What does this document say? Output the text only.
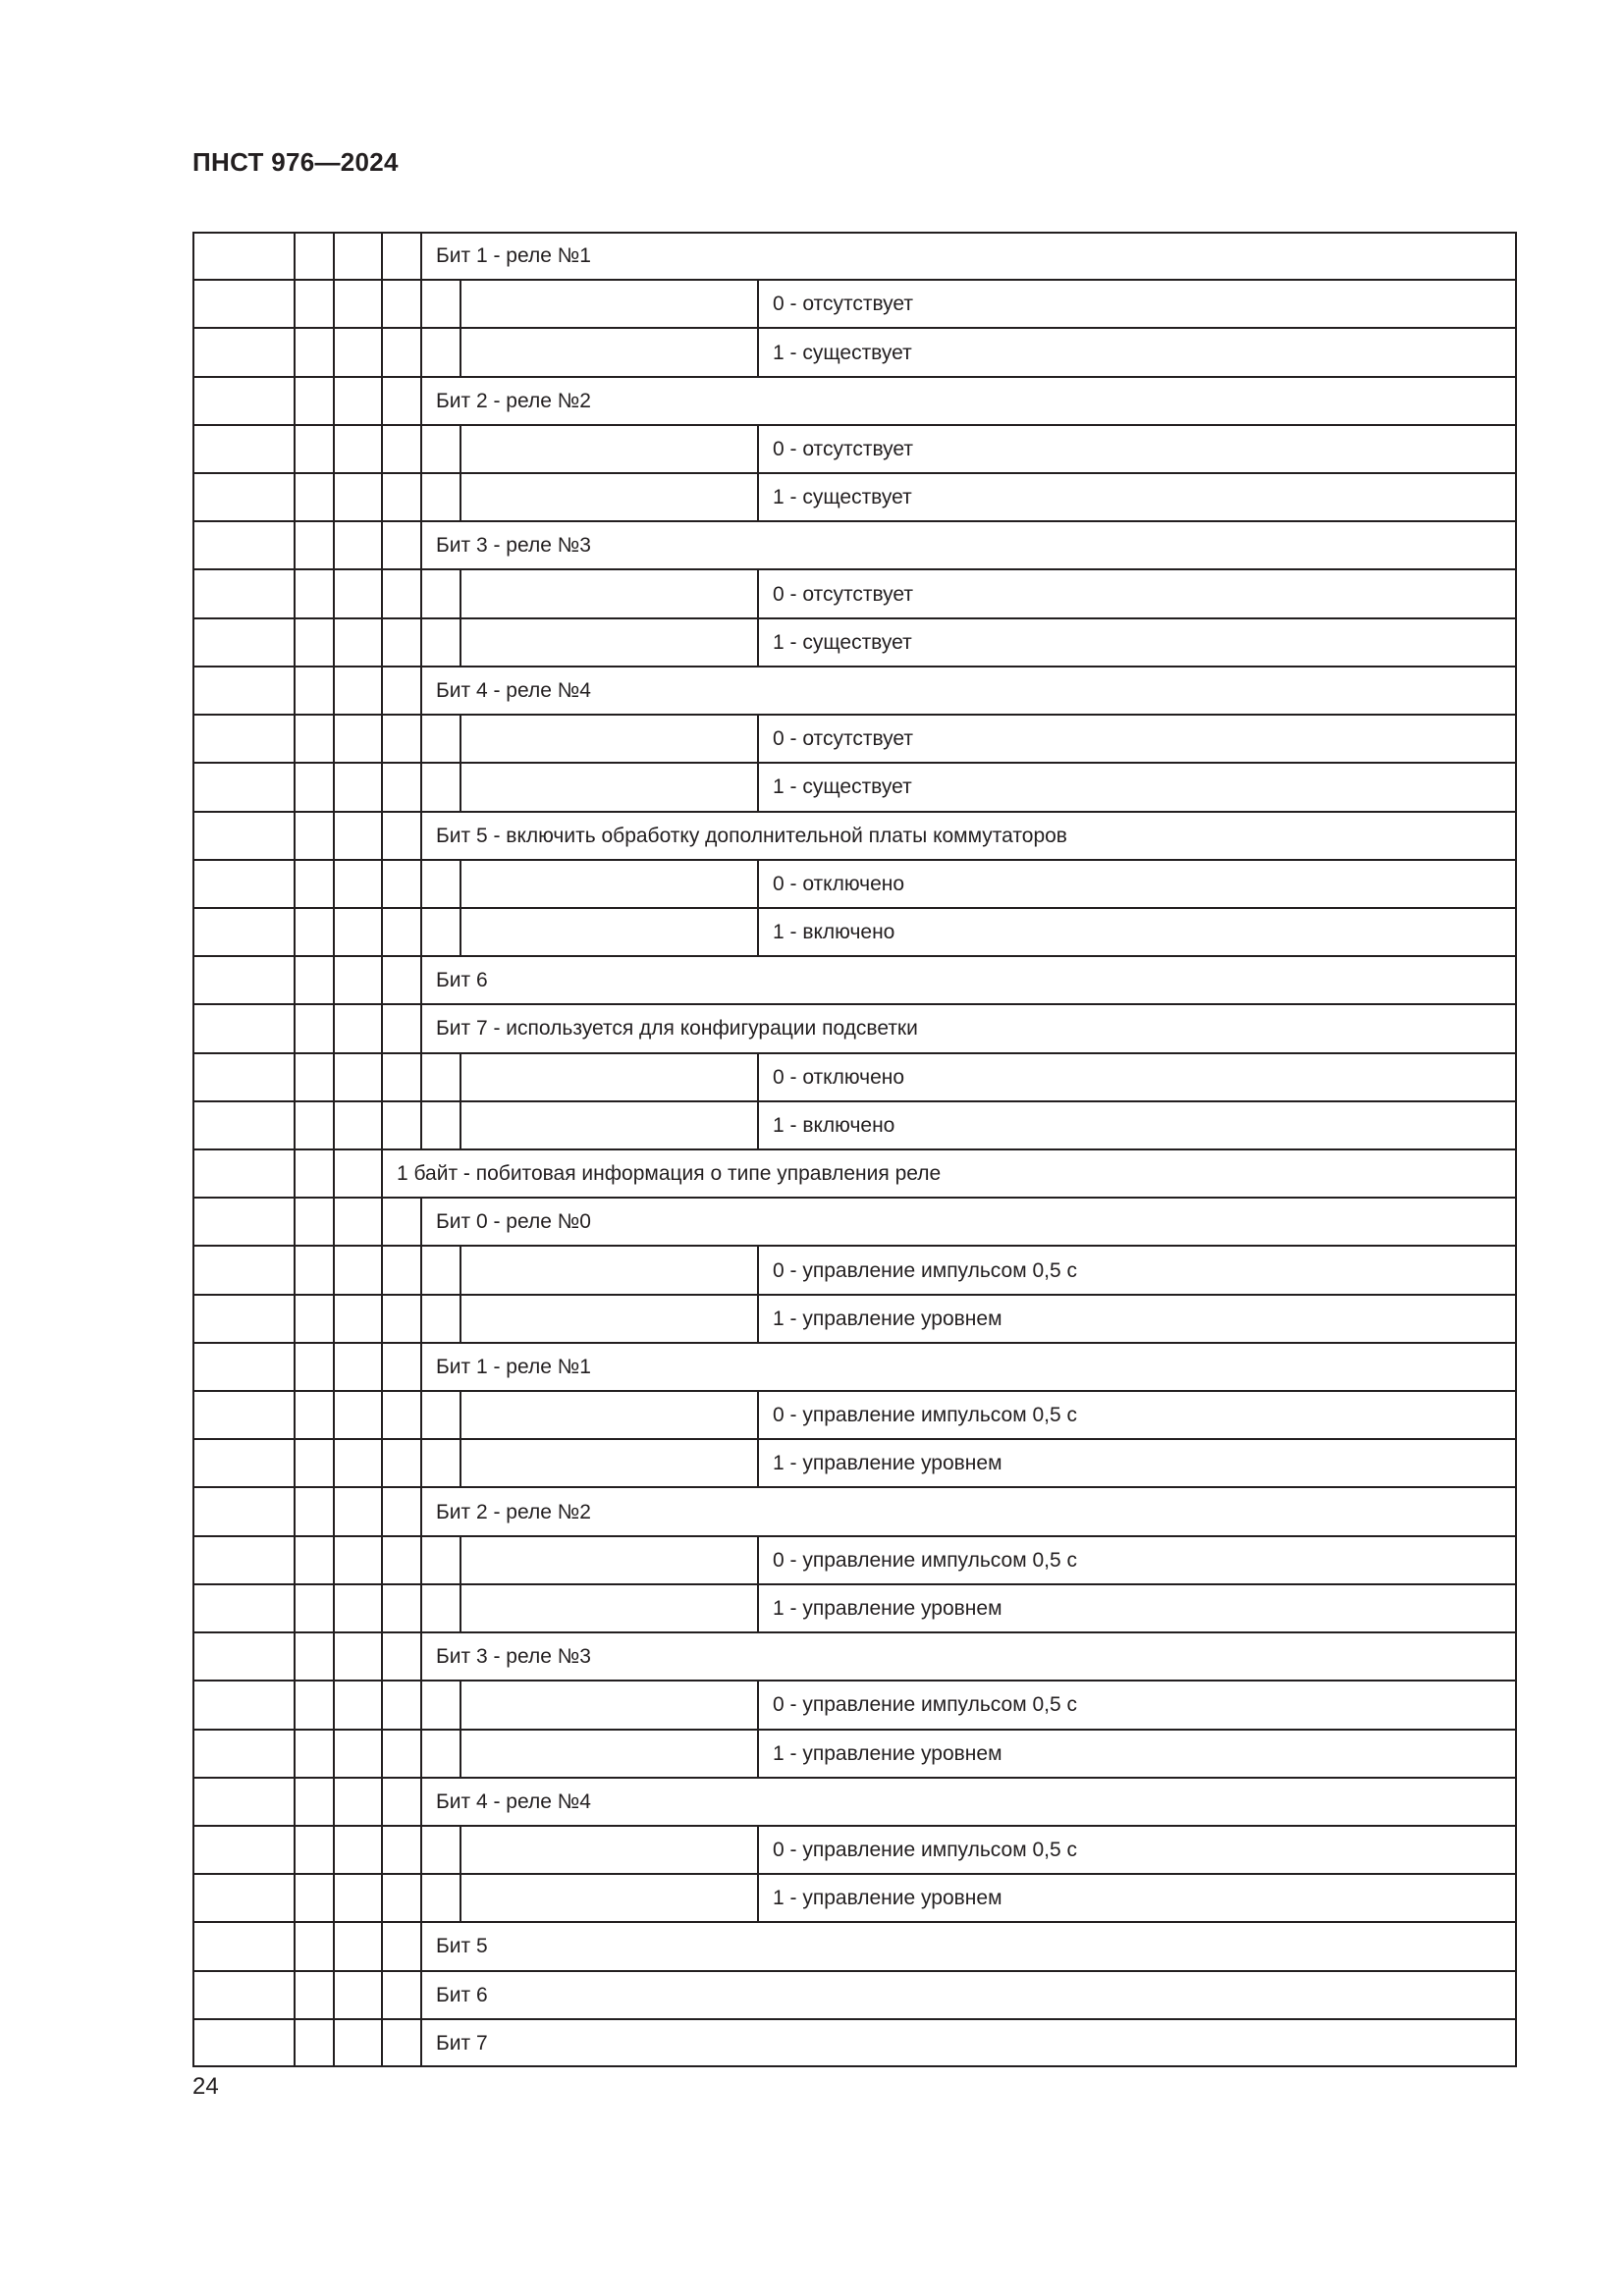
ПНСТ 976—2024
Бит 1 - реле №1
0 - отсутствует
1 - существует
Бит 2 - реле №2
0 - отсутствует
1 - существует
Бит 3 - реле №3
0 - отсутствует
1 - существует
Бит 4 - реле №4
0 - отсутствует
1 - существует
Бит 5 - включить обработку дополнительной платы коммутаторов
0 - отключено
1 - включено
Бит 6
Бит 7 - используется для конфигурации подсветки
0 - отключено
1 - включено
1 байт - побитовая информация о типе управления реле
Бит 0 - реле №0
0 - управление импульсом 0,5 с
1 - управление уровнем
Бит 1 - реле №1
0 - управление импульсом 0,5 с
1 - управление уровнем
Бит 2 - реле №2
0 - управление импульсом 0,5 с
1 - управление уровнем
Бит 3 - реле №3
0 - управление импульсом 0,5 с
1 - управление уровнем
Бит 4 - реле №4
0 - управление импульсом 0,5 с
1 - управление уровнем
Бит 5
Бит 6
Бит 7
24
